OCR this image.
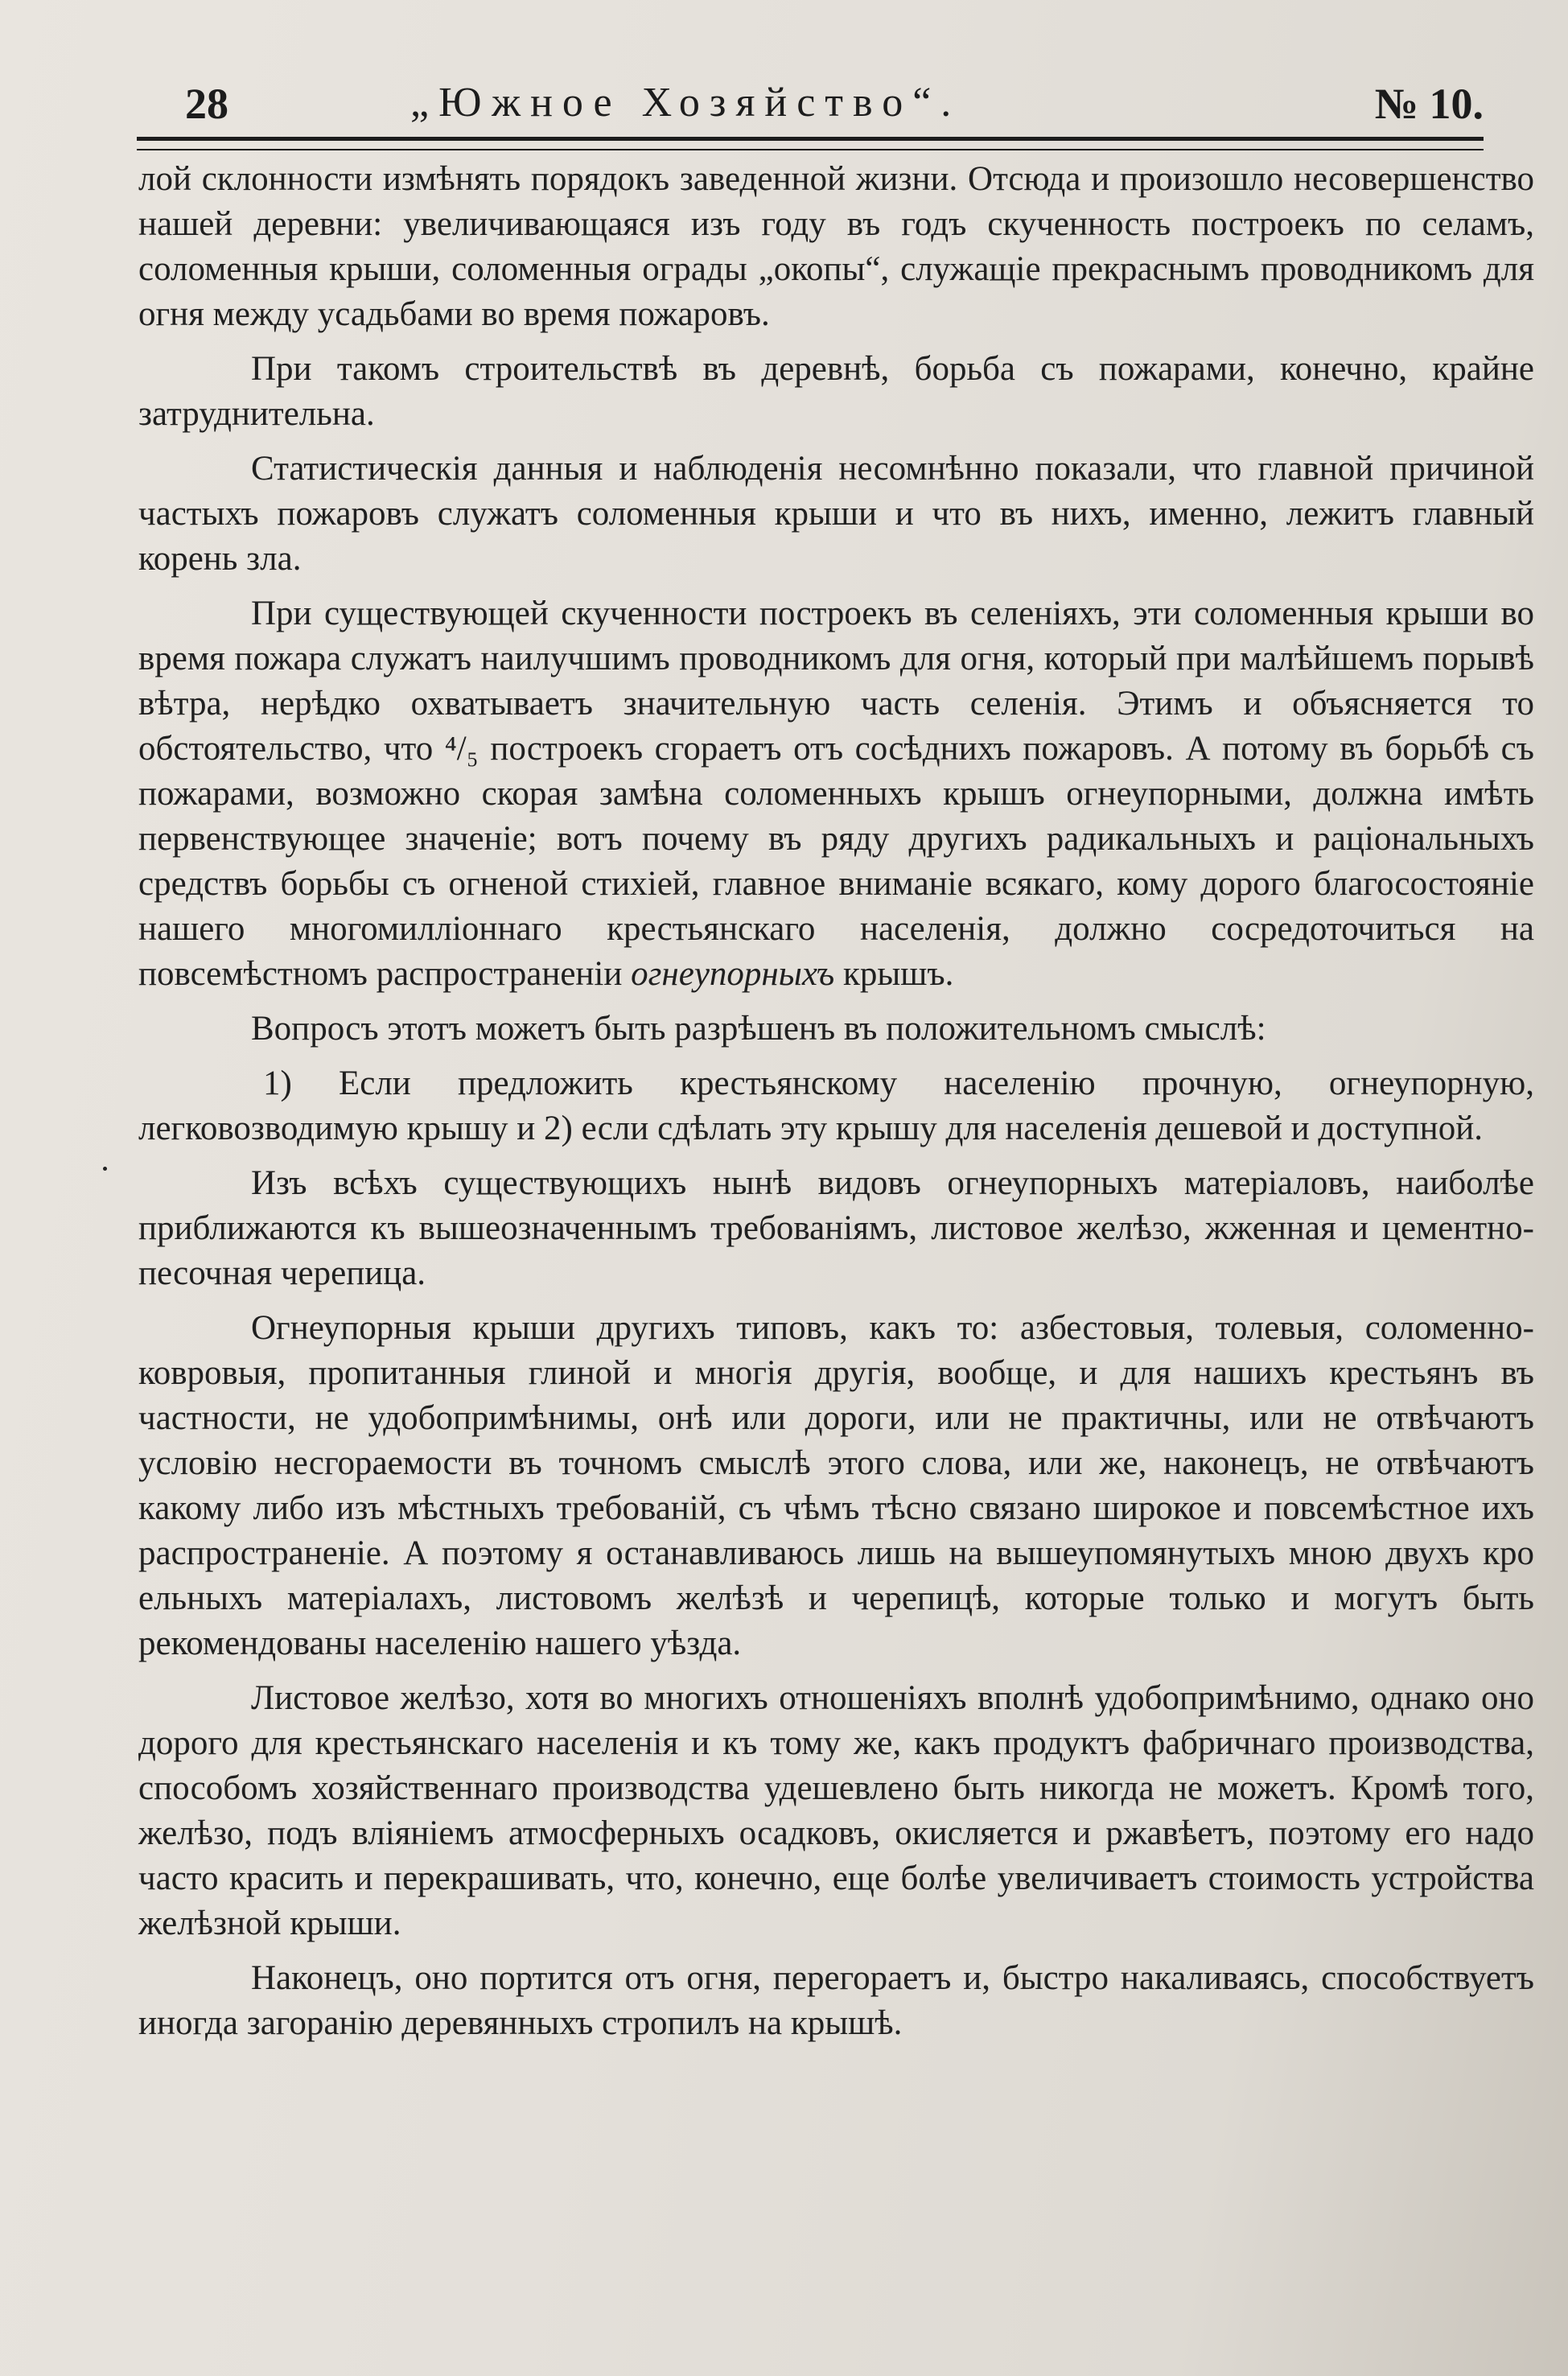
28	„Южное Хозяйство“.	№ 10.

лой склонности измѣнять порядокъ заведенной жизни. Отсюда и произошло несовершенство нашей деревни: увеличивающаяся изъ году въ годъ скученность построекъ по селамъ, соломенныя крыши, соломенныя ограды „окопы“, служащіе прекраснымъ проводникомъ для огня между усадьбами во время пожаровъ.

При такомъ строительствѣ въ деревнѣ, борьба съ пожарами, конечно, крайне затруднительна.

Статистическія данныя и наблюденія несомнѣнно показали, что главной причиной частыхъ пожаровъ служатъ соломенныя крыши и что въ нихъ, именно, лежитъ главный корень зла.

При существующей скученности построекъ въ селеніяхъ, эти соломенныя крыши во время пожара служатъ наилучшимъ проводникомъ для огня, который при малѣйшемъ порывѣ вѣтра, нерѣдко охватываетъ значительную часть селенія. Этимъ и объясняется то обстоятельство, что ⁴/₅ построекъ сгораетъ отъ сосѣднихъ пожаровъ. А потому въ борьбѣ съ пожарами, возможно скорая замѣна соломенныхъ крышъ огнеупорными, должна имѣть первенствующее значеніе; вотъ почему въ ряду другихъ радикальныхъ и раціональныхъ средствъ борьбы съ огненой стихіей, главное вниманіе всякаго, кому дорого благосостояніе нашего многомилліоннаго крестьянскаго населенія, должно сосредоточиться на повсемѣстномъ распространеніи огнеупорныхъ крышъ.

Вопросъ этотъ можетъ быть разрѣшенъ въ положительномъ смыслѣ:

1) Если предложить крестьянскому населенію прочную, огнеупорную, легковозводимую крышу и 2) если сдѣлать эту крышу для населенія дешевой и доступной.

Изъ всѣхъ существующихъ нынѣ видовъ огнеупорныхъ матеріаловъ, наиболѣе приближаются къ вышеозначеннымъ требованіямъ, листовое желѣзо, жженная и цементно-песочная черепица.

Огнеупорныя крыши другихъ типовъ, какъ то: азбестовыя, толевыя, соломенно-ковровыя, пропитанныя глиной и многія другія, вообще, и для нашихъ крестьянъ въ частности, не удобопримѣнимы, онѣ или дороги, или не практичны, или не отвѣчаютъ условію несгораемости въ точномъ смыслѣ этого слова, или же, наконецъ, не отвѣчаютъ какому либо изъ мѣстныхъ требованій, съ чѣмъ тѣсно связано широкое и повсемѣстное ихъ распространеніе. А поэтому я останавливаюсь лишь на вышеупомянутыхъ мною двухъ кро ельныхъ матеріалахъ, листовомъ желѣзѣ и черепицѣ, которые только и могутъ быть рекомендованы населенію нашего уѣзда.

Листовое желѣзо, хотя во многихъ отношеніяхъ вполнѣ удобопримѣнимо, однако оно дорого для крестьянскаго населенія и къ тому же, какъ продуктъ фабричнаго производства, способомъ хозяйственнаго производства удешевлено быть никогда не можетъ. Кромѣ того, желѣзо, подъ вліяніемъ атмосферныхъ осадковъ, окисляется и ржавѣетъ, поэтому его надо часто красить и перекрашивать, что, конечно, еще болѣе увеличиваетъ стоимость устройства желѣзной крыши.

Наконецъ, оно портится отъ огня, перегораетъ и, быстро накаливаясь, способствуетъ иногда загоранію деревянныхъ стропилъ на крышѣ.
